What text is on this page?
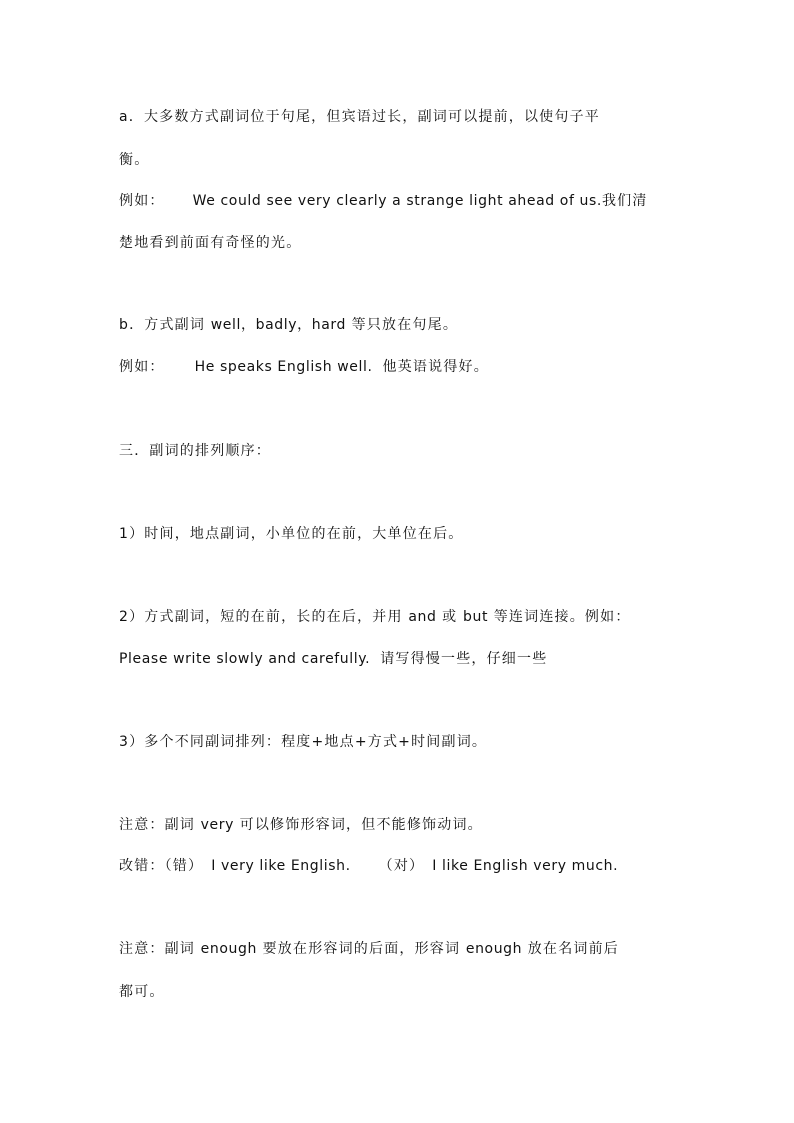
a．大多数方式副词位于句尾，但宾语过长，副词可以提前，以使句子平

衡。

例如： We could see very clearly a strange light ahead of us.我们清

楚地看到前面有奇怪的光。

b．方式副词 well，badly，hard 等只放在句尾。

例如： He speaks English well. 他英语说得好。

三．副词的排列顺序：

1）时间，地点副词，小单位的在前，大单位在后。

2）方式副词，短的在前，长的在后，并用 and 或 but 等连词连接。例如：

Please write slowly and carefully. 请写得慢一些，仔细一些

3）多个不同副词排列：程度+地点+方式+时间副词。

注意：副词 very 可以修饰形容词，但不能修饰动词。

改错：（错） I very like English. （对） I like English very much.

注意：副词 enough 要放在形容词的后面，形容词 enough 放在名词前后

都可。
